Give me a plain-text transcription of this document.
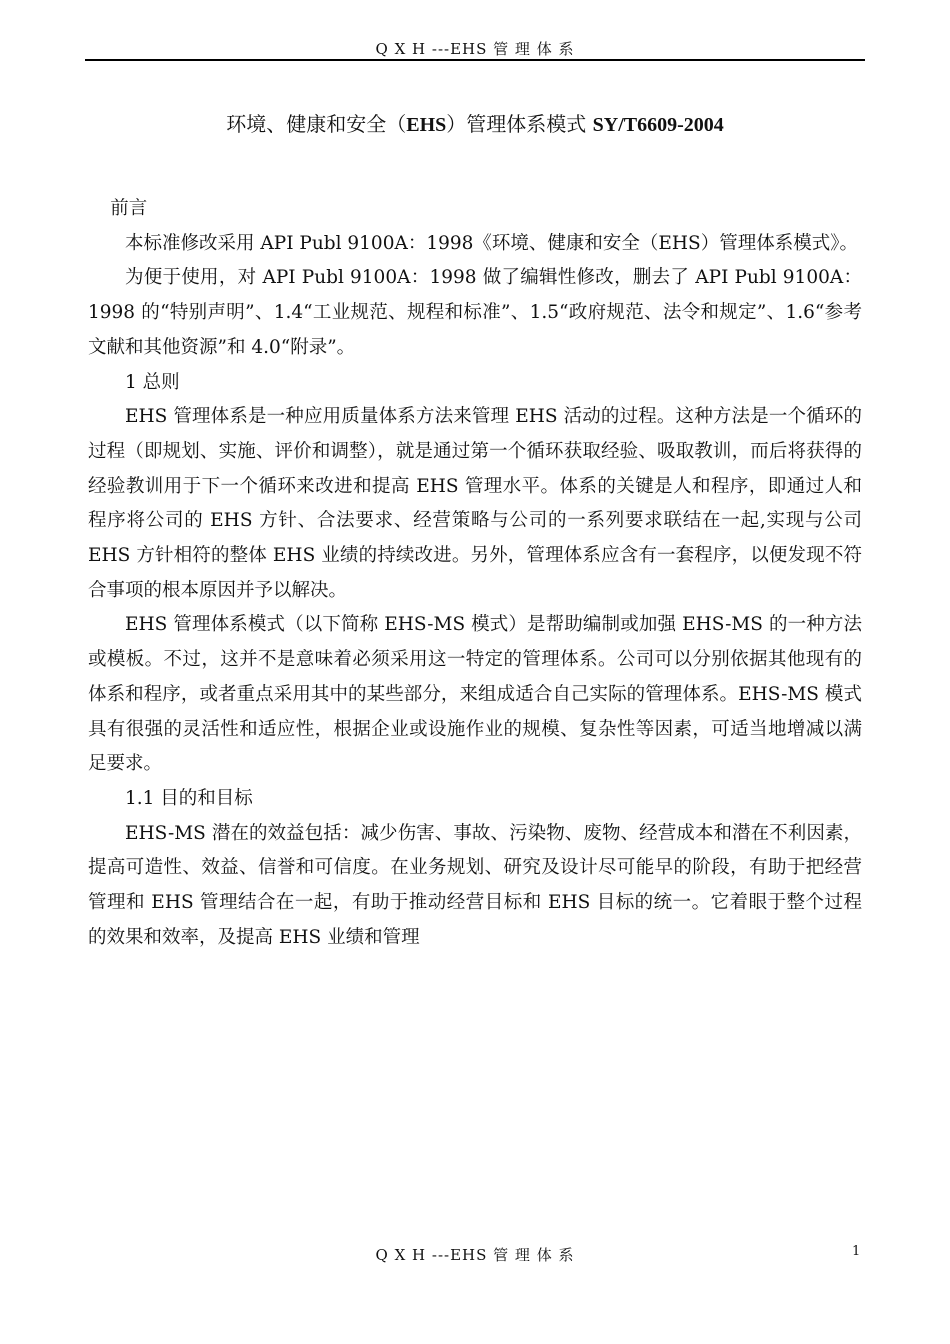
Q X H ---EHS 管 理 体 系
环境、健康和安全（EHS）管理体系模式 SY/T6609-2004

前言

本标准修改采用 API Publ 9100A：1998《环境、健康和安全（EHS）管理体系模式》。

为便于使用，对 API Publ 9100A：1998 做了编辑性修改，删去了 API Publ 9100A：1998 的“特别声明”、1.4“工业规范、规程和标准”、1.5“政府规范、法令和规定”、1.6“参考文献和其他资源”和 4.0“附录”。

1 总则

EHS 管理体系是一种应用质量体系方法来管理 EHS 活动的过程。这种方法是一个循环的过程（即规划、实施、评价和调整），就是通过第一个循环获取经验、吸取教训，而后将获得的经验教训用于下一个循环来改进和提高 EHS 管理水平。体系的关键是人和程序，即通过人和程序将公司的 EHS 方针、合法要求、经营策略与公司的一系列要求联结在一起,实现与公司 EHS 方针相符的整体 EHS 业绩的持续改进。另外，管理体系应含有一套程序，以便发现不符合事项的根本原因并予以解决。

EHS 管理体系模式（以下简称 EHS-MS 模式）是帮助编制或加强 EHS-MS 的一种方法或模板。不过，这并不是意味着必须采用这一特定的管理体系。公司可以分别依据其他现有的体系和程序，或者重点采用其中的某些部分，来组成适合自己实际的管理体系。EHS-MS 模式具有很强的灵活性和适应性，根据企业或设施作业的规模、复杂性等因素，可适当地增减以满足要求。

1.1 目的和目标

EHS-MS 潜在的效益包括：减少伤害、事故、污染物、废物、经营成本和潜在不利因素，提高可造性、效益、信誉和可信度。在业务规划、研究及设计尽可能早的阶段，有助于把经营管理和 EHS 管理结合在一起，有助于推动经营目标和 EHS 目标的统一。它着眼于整个过程的效果和效率，及提高 EHS 业绩和管理

Q X H ---EHS 管 理 体 系	1
